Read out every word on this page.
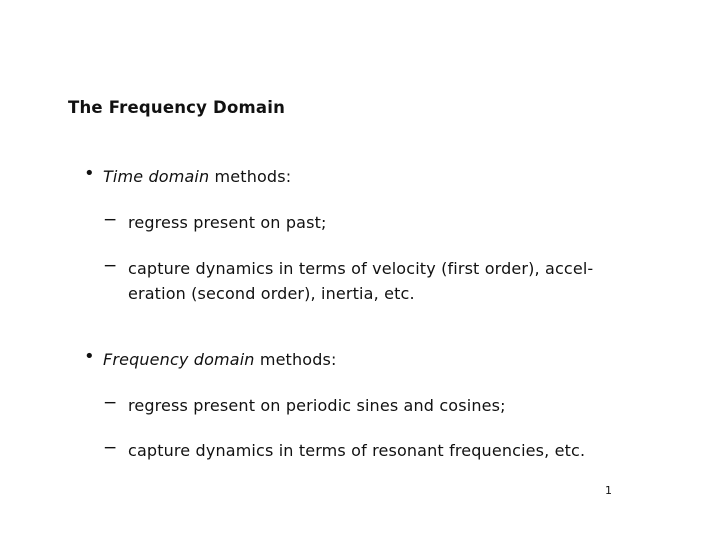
The Frequency Domain
• Time domain methods:
− regress present on past;
− capture dynamics in terms of velocity (first order), accel-
eration (second order), inertia, etc.
• Frequency domain methods:
− regress present on periodic sines and cosines;
− capture dynamics in terms of resonant frequencies, etc.
1
